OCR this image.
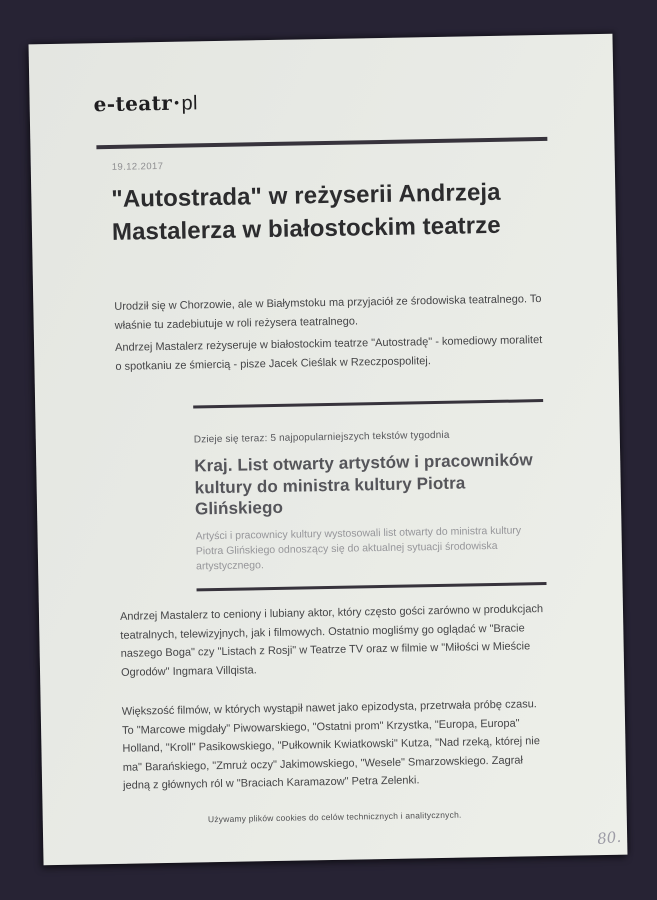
e-teatr·pl
19.12.2017
"Autostrada" w reżyserii Andrzeja Mastalerza w białostockim teatrze

Urodził się w Chorzowie, ale w Białymstoku ma przyjaciół ze środowiska teatralnego. To właśnie tu zadebiutuje w roli reżysera teatralnego.

Andrzej Mastalerz reżyseruje w białostockim teatrze "Autostradę" - komediowy moralitet o spotkaniu ze śmiercią - pisze Jacek Cieślak w Rzeczpospolitej.

Dzieje się teraz: 5 najpopularniejszych tekstów tygodnia
Kraj. List otwarty artystów i pracowników kultury do ministra kultury Piotra Glińskiego
Artyści i pracownicy kultury wystosowali list otwarty do ministra kultury Piotra Glińskiego odnoszący się do aktualnej sytuacji środowiska artystycznego.

Andrzej Mastalerz to ceniony i lubiany aktor, który często gości zarówno w produkcjach teatralnych, telewizyjnych, jak i filmowych. Ostatnio mogliśmy go oglądać w "Bracie naszego Boga" czy "Listach z Rosji" w Teatrze TV oraz w filmie w "Miłości w Mieście Ogrodów" Ingmara Villqista.

Większość filmów, w których wystąpił nawet jako epizodysta, przetrwała próbę czasu. To "Marcowe migdały" Piwowarskiego, "Ostatni prom" Krzystka, "Europa, Europa" Holland, "Kroll" Pasikowskiego, "Pułkownik Kwiatkowski" Kutza, "Nad rzeką, której nie ma" Barańskiego, "Zmruż oczy" Jakimowskiego, "Wesele" Smarzowskiego. Zagrał jedną z głównych ról w "Braciach Karamazow" Petra Zelenki.

Używamy plików cookies do celów technicznych i analitycznych.
80.
